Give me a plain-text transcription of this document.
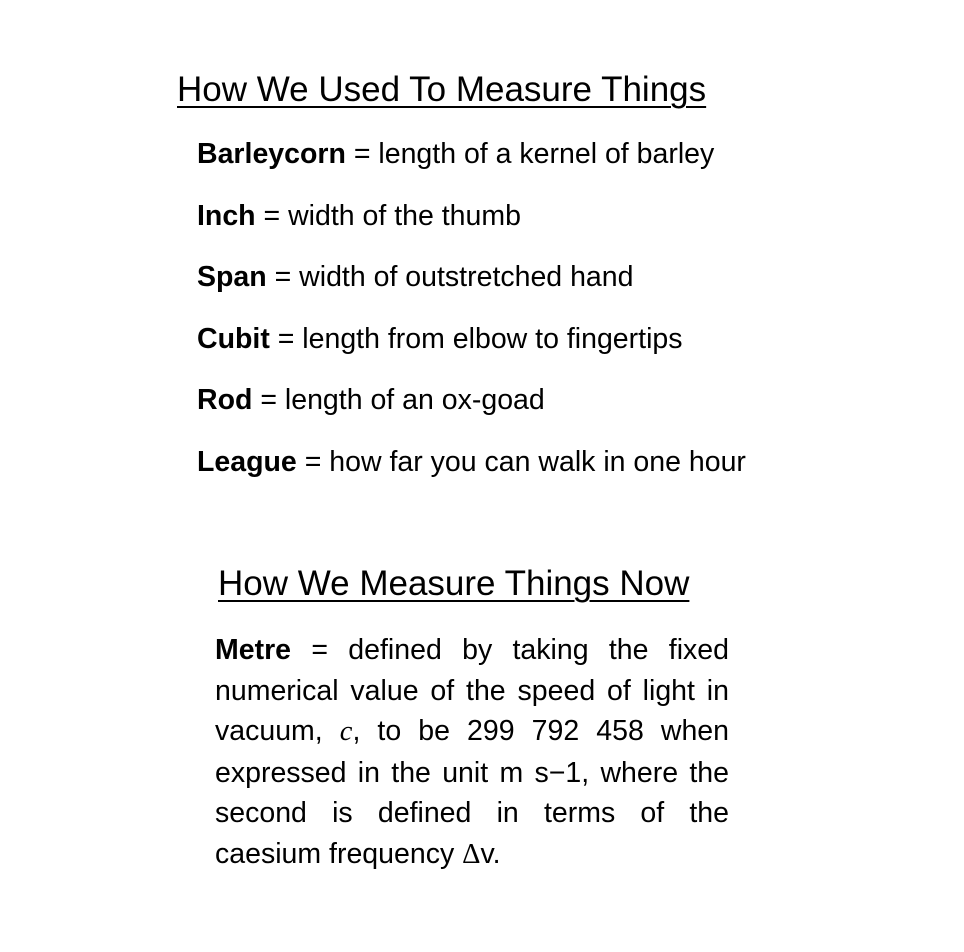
How We Used To Measure Things
Barleycorn = length of a kernel of barley
Inch = width of the thumb
Span = width of outstretched hand
Cubit = length from elbow to fingertips
Rod = length of an ox-goad
League = how far you can walk in one hour
How We Measure Things Now

Metre = defined by taking the fixed numerical value of the speed of light in vacuum, c, to be 299 792 458 when expressed in the unit m s−1, where the second is defined in terms of the caesium frequency Δv.
